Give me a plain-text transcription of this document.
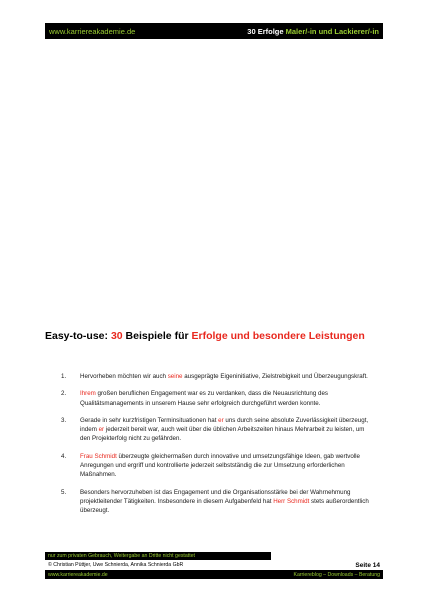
www.karriereakademie.de	30 Erfolge Maler/-in und Lackierer/-in
Easy-to-use: 30 Beispiele für Erfolge und besondere Leistungen
1.	Hervorheben möchten wir auch seine ausgeprägte Eigeninitiative, Zielstrebigkeit und Überzeugungskraft.
2.	Ihrem großen beruflichen Engagement war es zu verdanken, dass die Neuausrichtung des Qualitätsmanagements in unserem Hause sehr erfolgreich durchgeführt werden konnte.
3.	Gerade in sehr kurzfristigen Terminsituationen hat er uns durch seine absolute Zuverlässigkeit überzeugt, indem er jederzeit bereit war, auch weit über die üblichen Arbeitszeiten hinaus Mehrarbeit zu leisten, um den Projekterfolg nicht zu gefährden.
4.	Frau Schmidt überzeugte gleichermaßen durch innovative und umsetzungsfähige Ideen, gab wertvolle Anregungen und ergriff und kontrollierte jederzeit selbstständig die zur Umsetzung erforderlichen Maßnahmen.
5.	Besonders hervorzuheben ist das Engagement und die Organisationsstärke bei der Wahrnehmung projektleitender Tätigkeiten. Insbesondere in diesem Aufgabenfeld hat Herr Schmidt stets außerordentlich überzeugt.
nur zum privaten Gebrauch, Weitergabe an Dritte nicht gestattet
© Christian Püttjer, Uwe Schnierda, Annika Schnierda GbR	Seite 14
www.karriereakademie.de	Karriereblog – Downloads – Beratung
